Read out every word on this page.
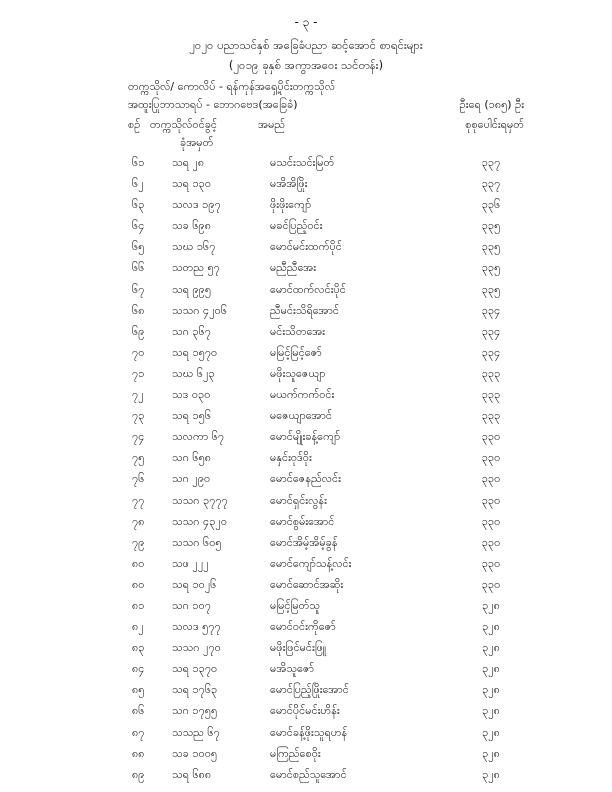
- ၃ -
၂၀၂၀ ပညာသင်နှစ် အခြေခံပညာ ဆင့်အောင် စာရင်းများ
(၂၀၁၉ ခုနှစ် အကွာအဝေး သင်တန်း)
တက္ကသိုလ်/ ကောလိပ် - ရန်ကုန်အရှေ့ပိုင်းတက္ကသိုလ်
အထူးပြုဘာသာရပ် - ဘောဂဗေဒ(အခြေခံ)	ဦးရေ (၁၈၅) ဦး
စဉ် တက္ကသိုလ်ဝင်ခွင့်	အမည်	စုစုပေါင်းရမှတ်
ခုံအမှတ်
၆၁	သရ ၂၈	မသင်းသင်းမြတ်	၃၃၇
၆၂	သရ ၁၃၀	မအိအိဖြိုး	၃၃၇
၆၃	သလဒ ၁၉၇	ဖိုးဖိုးကျော်	၃၃၆
၆၄	သခ ၆၉၈	မခင်ပြည့်ဝင်း	၃၃၅
၆၅	သဃ ၁၆၇	မောင်မင်းထက်ပိုင်	၃၃၅
၆၆	သတည ၅၇	မညီညီအေး	၃၃၅
၆၇	သရ ၉၉၅	မောင်ထက်လင်းပိုင်	၃၃၅
၆၈	သသဂ ၄၂၀၆	ညီမင်းသိရိအောင်	၃၃၄
၆၉	သဂ ၃၆၇	မင်းသိတအေး	၃၃၄
၇၀	သရ ၁၅၇၀	မမြင့်မြင့်ဇော်	၃၃၄
၇၁	သဃ ၆၂၃	မဖိုးသူဇေယျာ	၃၃၃
၇၂	သဒ ၀၃၀	မယက်ကက်ဝင်း	၃၃၃
၇၃	သရ ၁၅၆	မဇေယျာအောင်	၃၃၃
၇၄	သလကာ ၆၇	မောင်မျိုးခန့်ကျော်	၃၃၀
၇၅	သဂ ၆၅၈	မနှင်းဝုဒ်ဝိုး	၃၃၀
၇၆	သဂ ၂၉၀	မောင်ဇေနည်လင်း	၃၃၀
၇၇	သသဂ ၃၇၇၇	မောင်ရှင်းလွန်း	၃၃၀
၇၈	သသဂ ၄၃၂၀	မောင်စွမ်းအောင်	၃၃၀
၇၉	သသဂ ၆၀၅	မောင်အိမ့်အိမ့်ခွန်	၃၃၀
၈၀	သဖ ၂၂၂	မောင်ကျော်သန့်လင်း	၃၃၀
၈၀	သရ ၁၀၂၆	မောင်ဆောင်အဆိုး	၃၃၀
၈၁	သဂ ၁၀၇	မမြင့်မြတ်သူ	၃၂၈
၈၂	သလဒ ၅၇၇	မောင်ဝင်းကိုဇော်	၃၂၈
၈၃	သသဂ ၂၇၀	မဖိုးဖြင်မင်းဖြူ	၃၂၈
၈၄	သရ ၁၃၇၀	မအိသူဇော်	၃၂၈
၈၅	သရ ၁၇၆၃	မောင်ပြည့်ဖြိုးအောင်	၃၂၈
၈၆	သဂ ၁၇၅၅	မောင်ပိုင်မင်းဟိန်း	၃၂၈
၈၇	သသည ၆၇	မောင်ခန့်ဖိုးသူရဟန်	၃၂၈
၈၈ သခ ၁၀၀၅	မကြည်စေဝိုး	၃၂၈
၈၉	သရ ၆၈၈	မောင်စည်သူအောင်	၃၂၈
